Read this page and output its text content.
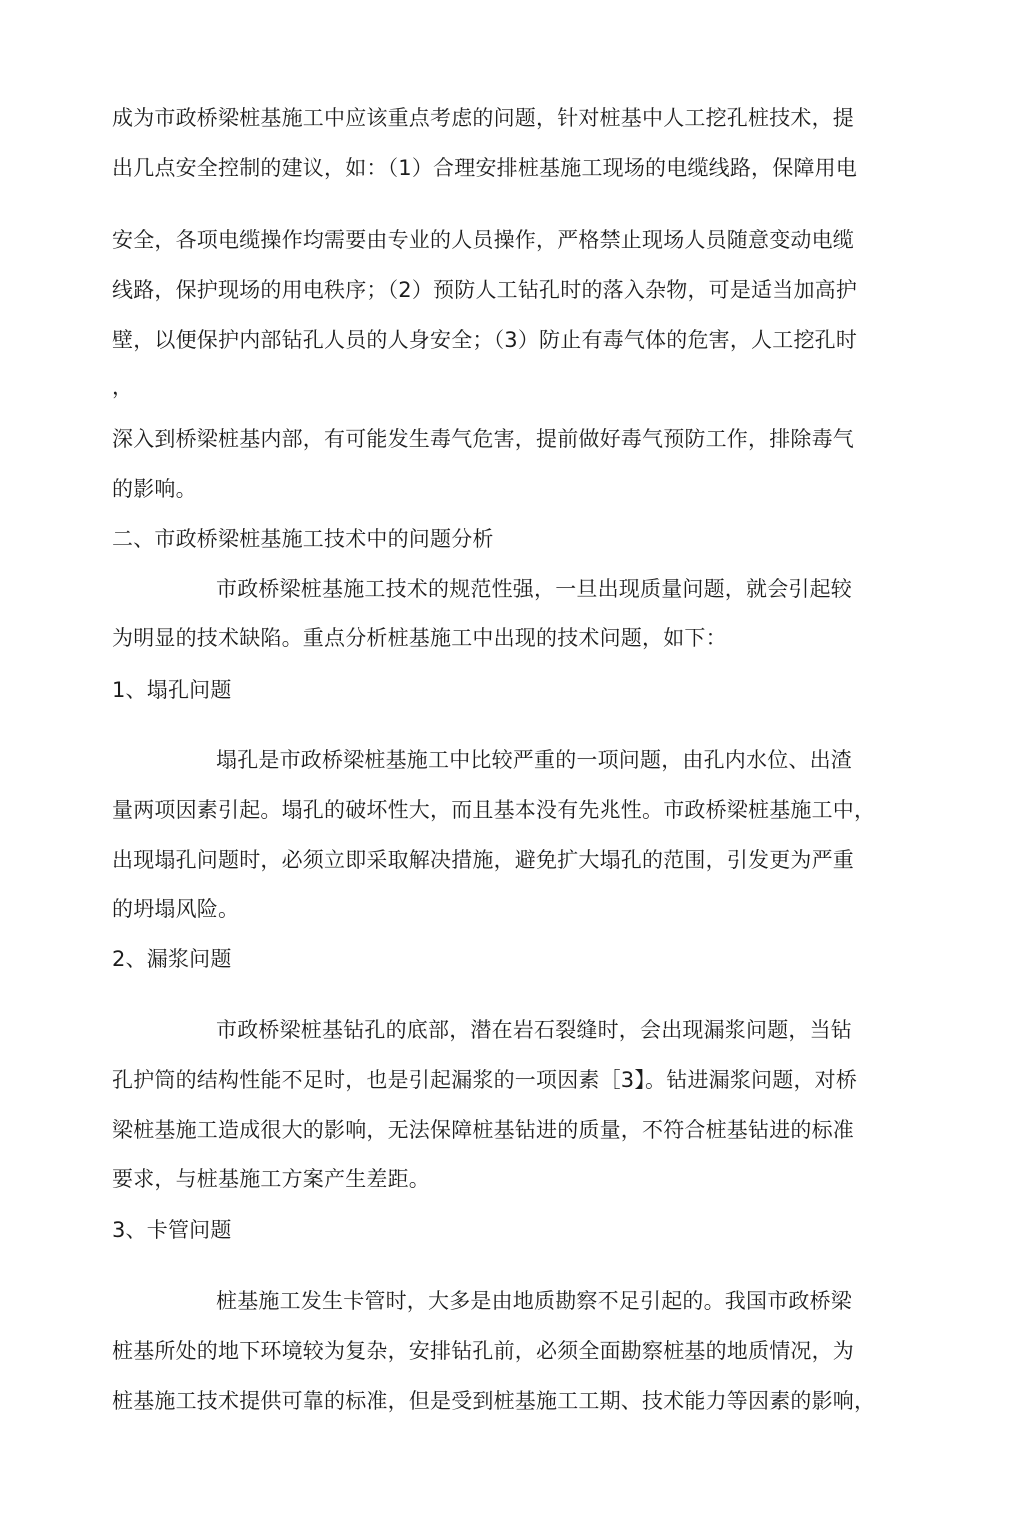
成为市政桥梁桩基施工中应该重点考虑的问题，针对桩基中人工挖孔桩技术，提
出几点安全控制的建议，如：（1）合理安排桩基施工现场的电缆线路，保障用电
安全，各项电缆操作均需要由专业的人员操作，严格禁止现场人员随意变动电缆
线路，保护现场的用电秩序；（2）预防人工钻孔时的落入杂物，可是适当加高护
壁，以便保护内部钻孔人员的人身安全；（3）防止有毒气体的危害，人工挖孔时
，
深入到桥梁桩基内部，有可能发生毒气危害，提前做好毒气预防工作，排除毒气
的影响。
二、市政桥梁桩基施工技术中的问题分析
市政桥梁桩基施工技术的规范性强，一旦出现质量问题，就会引起较
为明显的技术缺陷。重点分析桩基施工中出现的技术问题，如下：
1、塌孔问题
塌孔是市政桥梁桩基施工中比较严重的一项问题，由孔内水位、出渣
量两项因素引起。塌孔的破坏性大，而且基本没有先兆性。市政桥梁桩基施工中，
出现塌孔问题时，必须立即采取解决措施，避免扩大塌孔的范围，引发更为严重
的坍塌风险。
2、漏浆问题
市政桥梁桩基钻孔的底部，潜在岩石裂缝时，会出现漏浆问题，当钻
孔护筒的结构性能不足时，也是引起漏浆的一项因素［3】。钻进漏浆问题，对桥
梁桩基施工造成很大的影响，无法保障桩基钻进的质量，不符合桩基钻进的标准
要求，与桩基施工方案产生差距。
3、卡管问题
桩基施工发生卡管时，大多是由地质勘察不足引起的。我国市政桥梁
桩基所处的地下环境较为复杂，安排钻孔前，必须全面勘察桩基的地质情况，为
桩基施工技术提供可靠的标准，但是受到桩基施工工期、技术能力等因素的影响，
